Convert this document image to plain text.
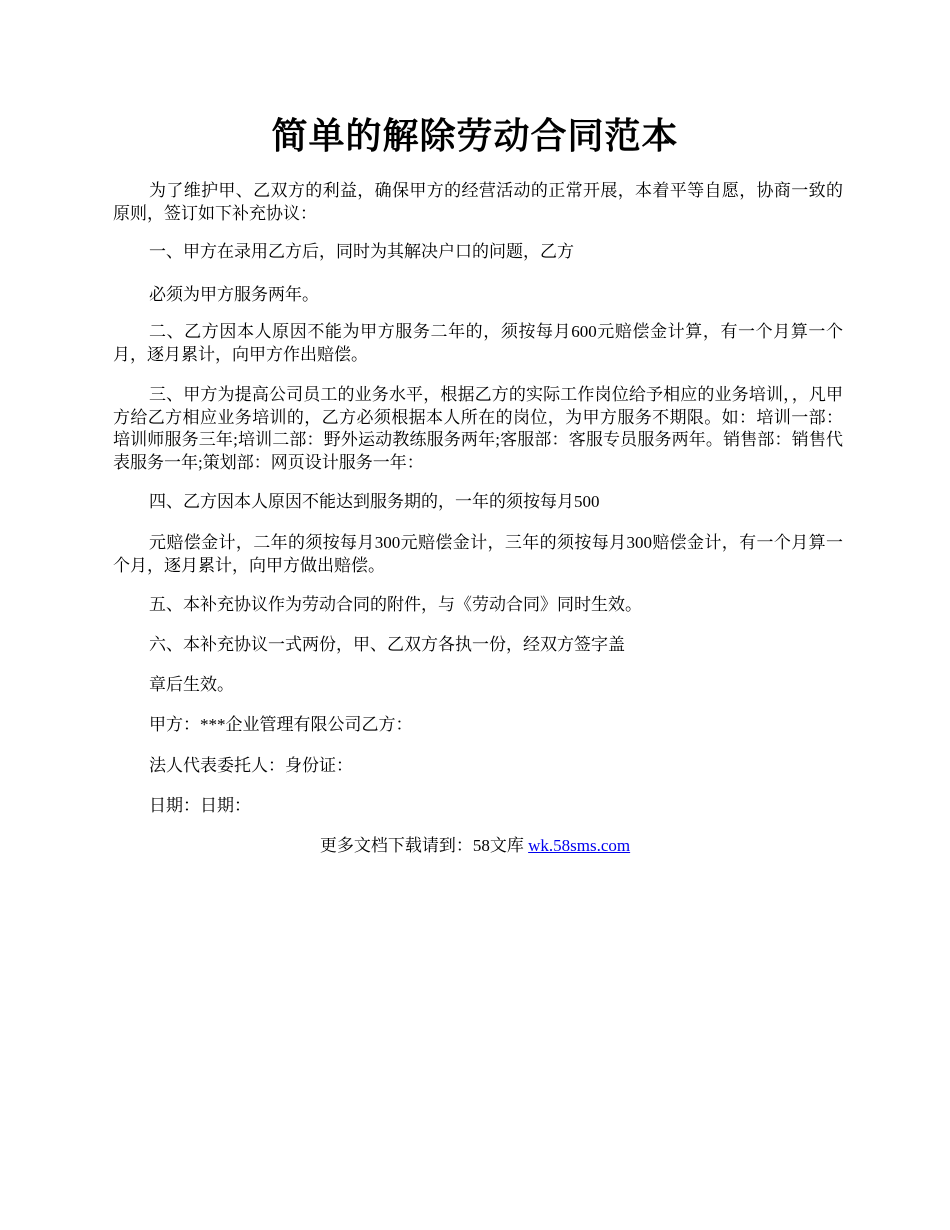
简单的解除劳动合同范本

为了维护甲、乙双方的利益，确保甲方的经营活动的正常开展，本着平等自愿，协商一致的原则，签订如下补充协议：

一、甲方在录用乙方后，同时为其解决户口的问题，乙方

必须为甲方服务两年。

二、乙方因本人原因不能为甲方服务二年的，须按每月600元赔偿金计算，有一个月算一个月，逐月累计，向甲方作出赔偿。

三、甲方为提高公司员工的业务水平，根据乙方的实际工作岗位给予相应的业务培训，，凡甲方给乙方相应业务培训的，乙方必须根据本人所在的岗位，为甲方服务不期限。如：培训一部：培训师服务三年;培训二部：野外运动教练服务两年;客服部：客服专员服务两年。销售部：销售代表服务一年;策划部：网页设计服务一年：

四、乙方因本人原因不能达到服务期的，一年的须按每月500

元赔偿金计，二年的须按每月300元赔偿金计，三年的须按每月300赔偿金计，有一个月算一个月，逐月累计，向甲方做出赔偿。

五、本补充协议作为劳动合同的附件，与《劳动合同》同时生效。

六、本补充协议一式两份，甲、乙双方各执一份，经双方签字盖

章后生效。

甲方：***企业管理有限公司乙方：

法人代表委托人：身份证：

日期：日期：

更多文档下载请到：58文库 wk.58sms.com
